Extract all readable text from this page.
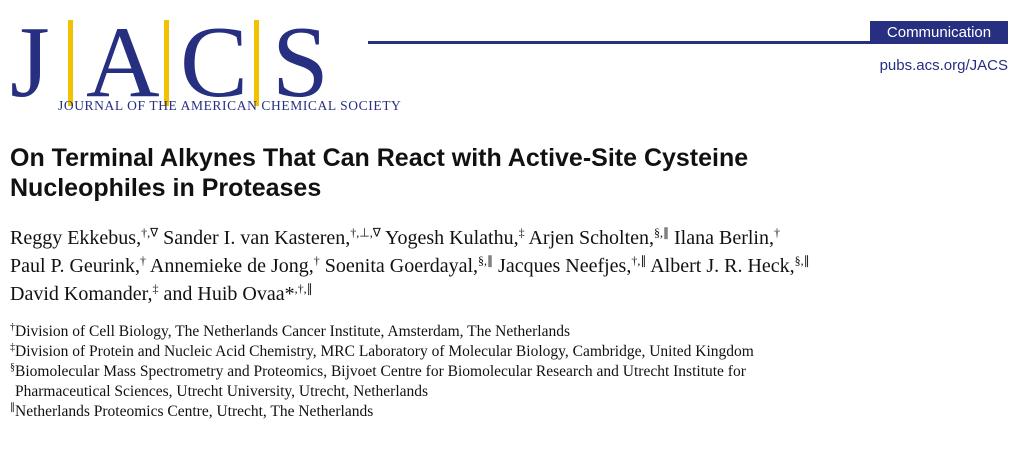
J A C S
JOURNAL OF THE AMERICAN CHEMICAL SOCIETY
Communication
pubs.acs.org/JACS
On Terminal Alkynes That Can React with Active-Site Cysteine
Nucleophiles in Proteases
Reggy Ekkebus,†,∇ Sander I. van Kasteren,†,⊥,∇ Yogesh Kulathu,‡ Arjen Scholten,§,∥ Ilana Berlin,†
Paul P. Geurink,† Annemieke de Jong,† Soenita Goerdayal,§,∥ Jacques Neefjes,†,∥ Albert J. R. Heck,§,∥
David Komander,‡ and Huib Ovaa*,†,∥
†Division of Cell Biology, The Netherlands Cancer Institute, Amsterdam, The Netherlands
‡Division of Protein and Nucleic Acid Chemistry, MRC Laboratory of Molecular Biology, Cambridge, United Kingdom
§Biomolecular Mass Spectrometry and Proteomics, Bijvoet Centre for Biomolecular Research and Utrecht Institute for
Pharmaceutical Sciences, Utrecht University, Utrecht, Netherlands
∥Netherlands Proteomics Centre, Utrecht, The Netherlands
